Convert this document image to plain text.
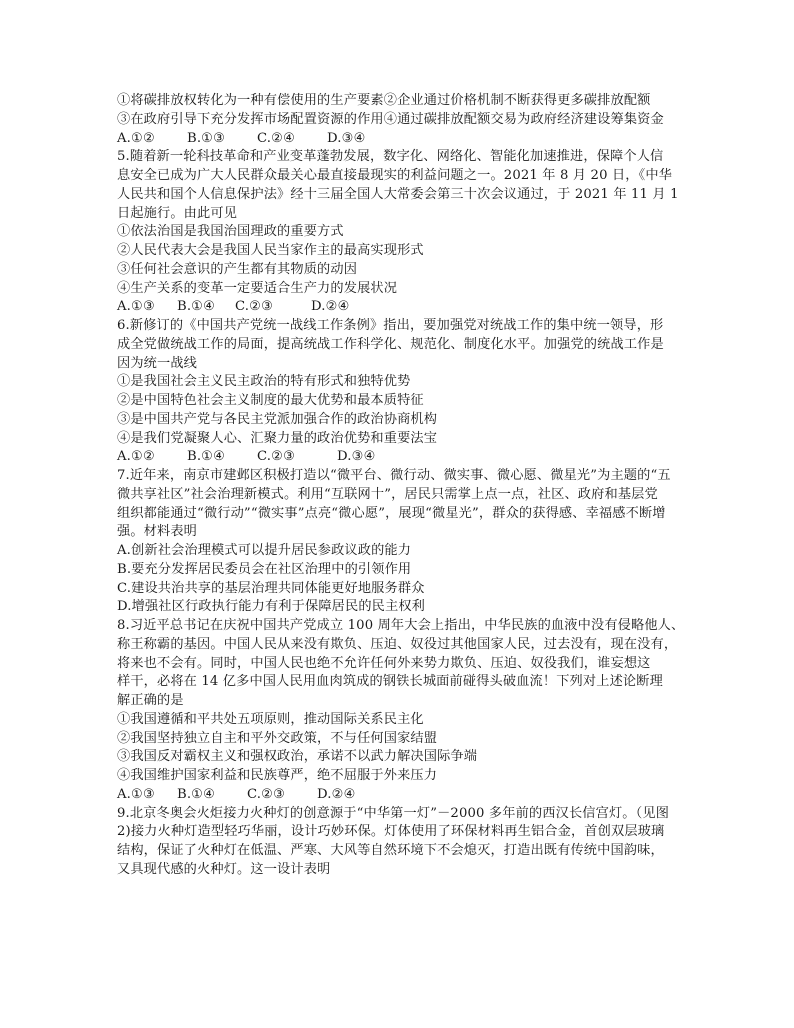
①将碳排放权转化为一种有偿使用的生产要素②企业通过价格机制不断获得更多碳排放配额
③在政府引导下充分发挥市场配置资源的作用④通过碳排放配额交易为政府经济建设筹集资金
A.①② B.①③ C.②④ D.③④
5.随着新一轮科技革命和产业变革蓬勃发展，数字化、网络化、智能化加速推进，保障个人信
息安全已成为广大人民群众最关心最直接最现实的利益问题之一。2021 年 8 月 20 日，《中华
人民共和国个人信息保护法》经十三届全国人大常委会第三十次会议通过，于 2021 年 11 月 1
日起施行。由此可见
①依法治国是我国治国理政的重要方式
②人民代表大会是我国人民当家作主的最高实现形式
③任何社会意识的产生都有其物质的动因
④生产关系的变革一定要适合生产力的发展状况
A.①③ B.①④ C.②③	D.②④
6.新修订的《中国共产党统一战线工作条例》指出，要加强党对统战工作的集中统一领导，形
成全党做统战工作的局面，提高统战工作科学化、规范化、制度化水平。加强党的统战工作是
因为统一战线
①是我国社会主义民主政治的特有形式和独特优势
②是中国特色社会主义制度的最大优势和最本质特征
③是中国共产党与各民主党派加强合作的政治协商机构
④是我们党凝聚人心、汇聚力量的政治优势和重要法宝
A.①② B.①④ C.②③	D.③④
7.近年来，南京市建邺区积极打造以“微平台、微行动、微实事、微心愿、微星光”为主题的“五
微共享社区”社会治理新模式。利用“互联网十”，居民只需掌上点一点，社区、政府和基层党
组织都能通过“微行动”“微实事”点亮“微心愿”，展现“微星光”，群众的获得感、幸福感不断增
强。材料表明
A.创新社会治理模式可以提升居民参政议政的能力
B.要充分发挥居民委员会在社区治理中的引领作用
C.建设共治共享的基层治理共同体能更好地服务群众
D.增强社区行政执行能力有利于保障居民的民主权利
8.习近平总书记在庆祝中国共产党成立 100 周年大会上指出，中华民族的血液中没有侵略他人、
称王称霸的基因。中国人民从来没有欺负、压迫、奴役过其他国家人民，过去没有，现在没有，
将来也不会有。同时，中国人民也绝不允许任何外来势力欺负、压迫、奴役我们，谁妄想这
样干，必将在 14 亿多中国人民用血肉筑成的钢铁长城面前碰得头破血流！下列对上述论断理
解正确的是
①我国遵循和平共处五项原则，推动国际关系民主化
②我国坚持独立自主和平外交政策，不与任何国家结盟
③我国反对霸权主义和强权政治，承诺不以武力解决国际争端
④我国维护国家利益和民族尊严，绝不屈服于外来压力
A.①③ B.①④ C.②③ D.②④
9.北京冬奥会火炬接力火种灯的创意源于“中华第一灯”－2000 多年前的西汉长信宫灯。（见图
2)接力火种灯造型轻巧华丽，设计巧妙环保。灯体使用了环保材料再生铝合金，首创双层玻璃
结构，保证了火种灯在低温、严寒、大风等自然环境下不会熄灭，打造出既有传统中国韵味，
又具现代感的火种灯。这一设计表明
